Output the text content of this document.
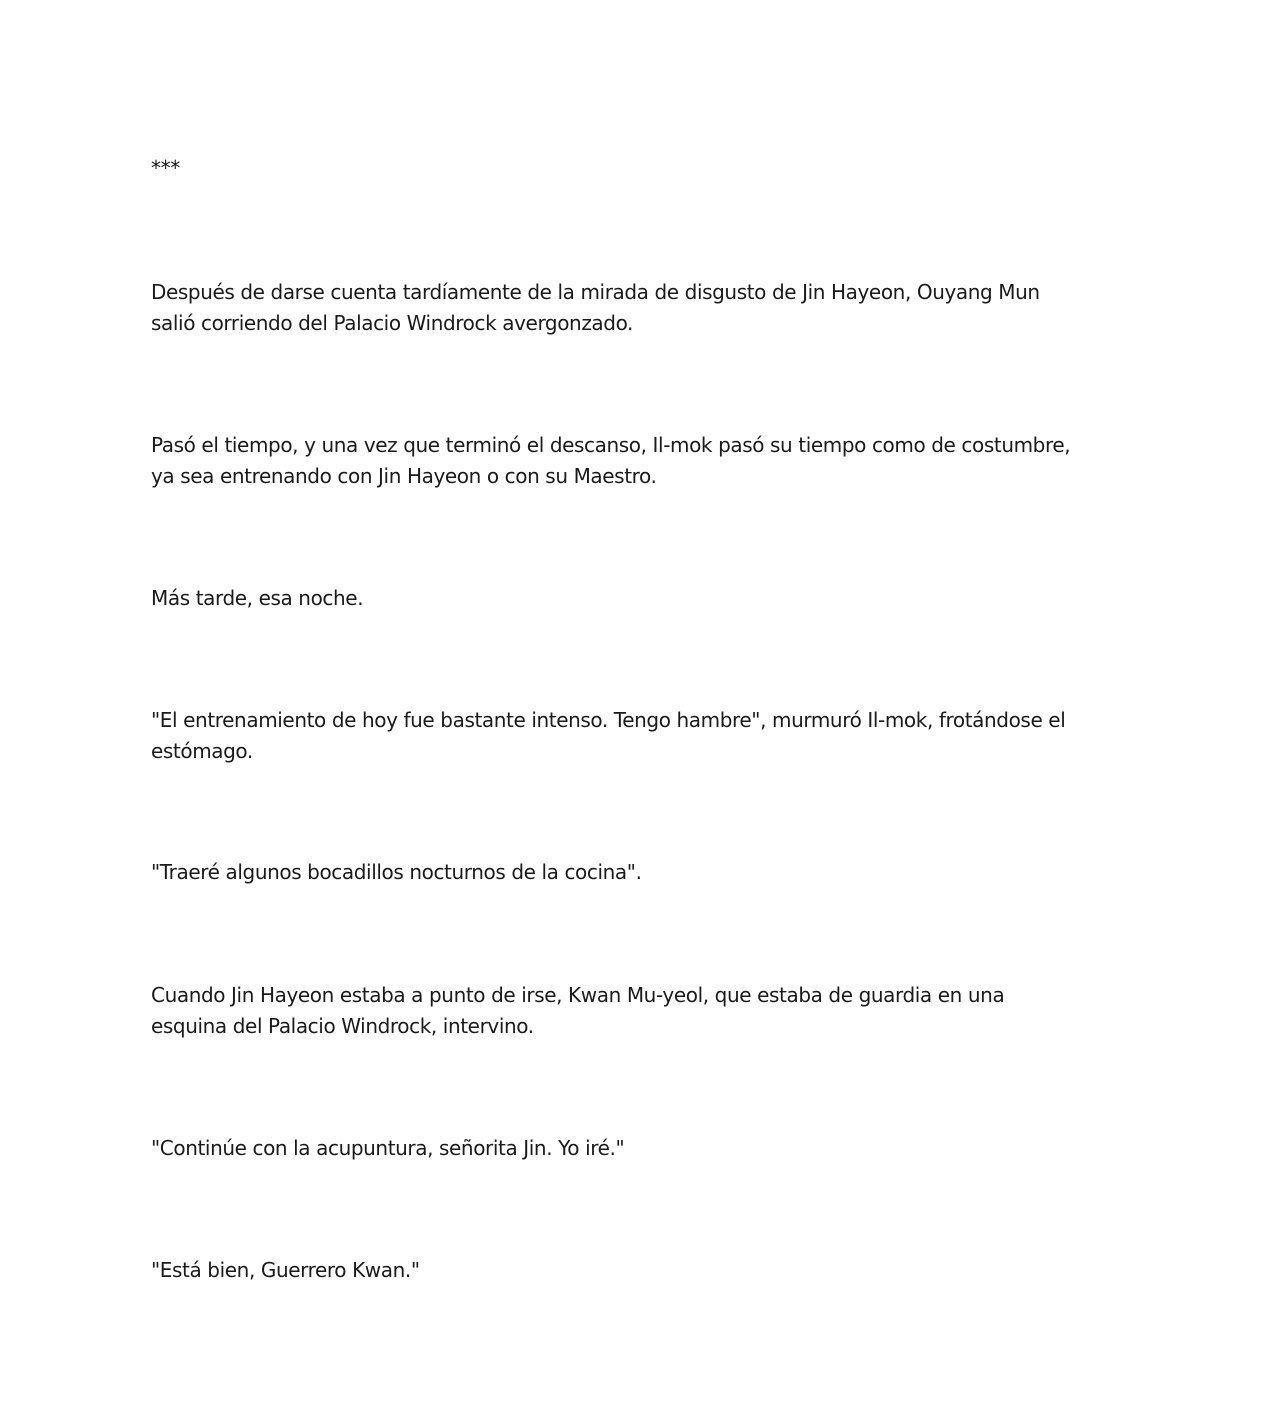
***

Después de darse cuenta tardíamente de la mirada de disgusto de Jin Hayeon, Ouyang Mun
salió corriendo del Palacio Windrock avergonzado.

Pasó el tiempo, y una vez que terminó el descanso, Il-mok pasó su tiempo como de costumbre,
ya sea entrenando con Jin Hayeon o con su Maestro.

Más tarde, esa noche.

"El entrenamiento de hoy fue bastante intenso. Tengo hambre", murmuró Il-mok, frotándose el
estómago.

"Traeré algunos bocadillos nocturnos de la cocina".

Cuando Jin Hayeon estaba a punto de irse, Kwan Mu-yeol, que estaba de guardia en una
esquina del Palacio Windrock, intervino.

"Continúe con la acupuntura, señorita Jin. Yo iré."

"Está bien, Guerrero Kwan."
